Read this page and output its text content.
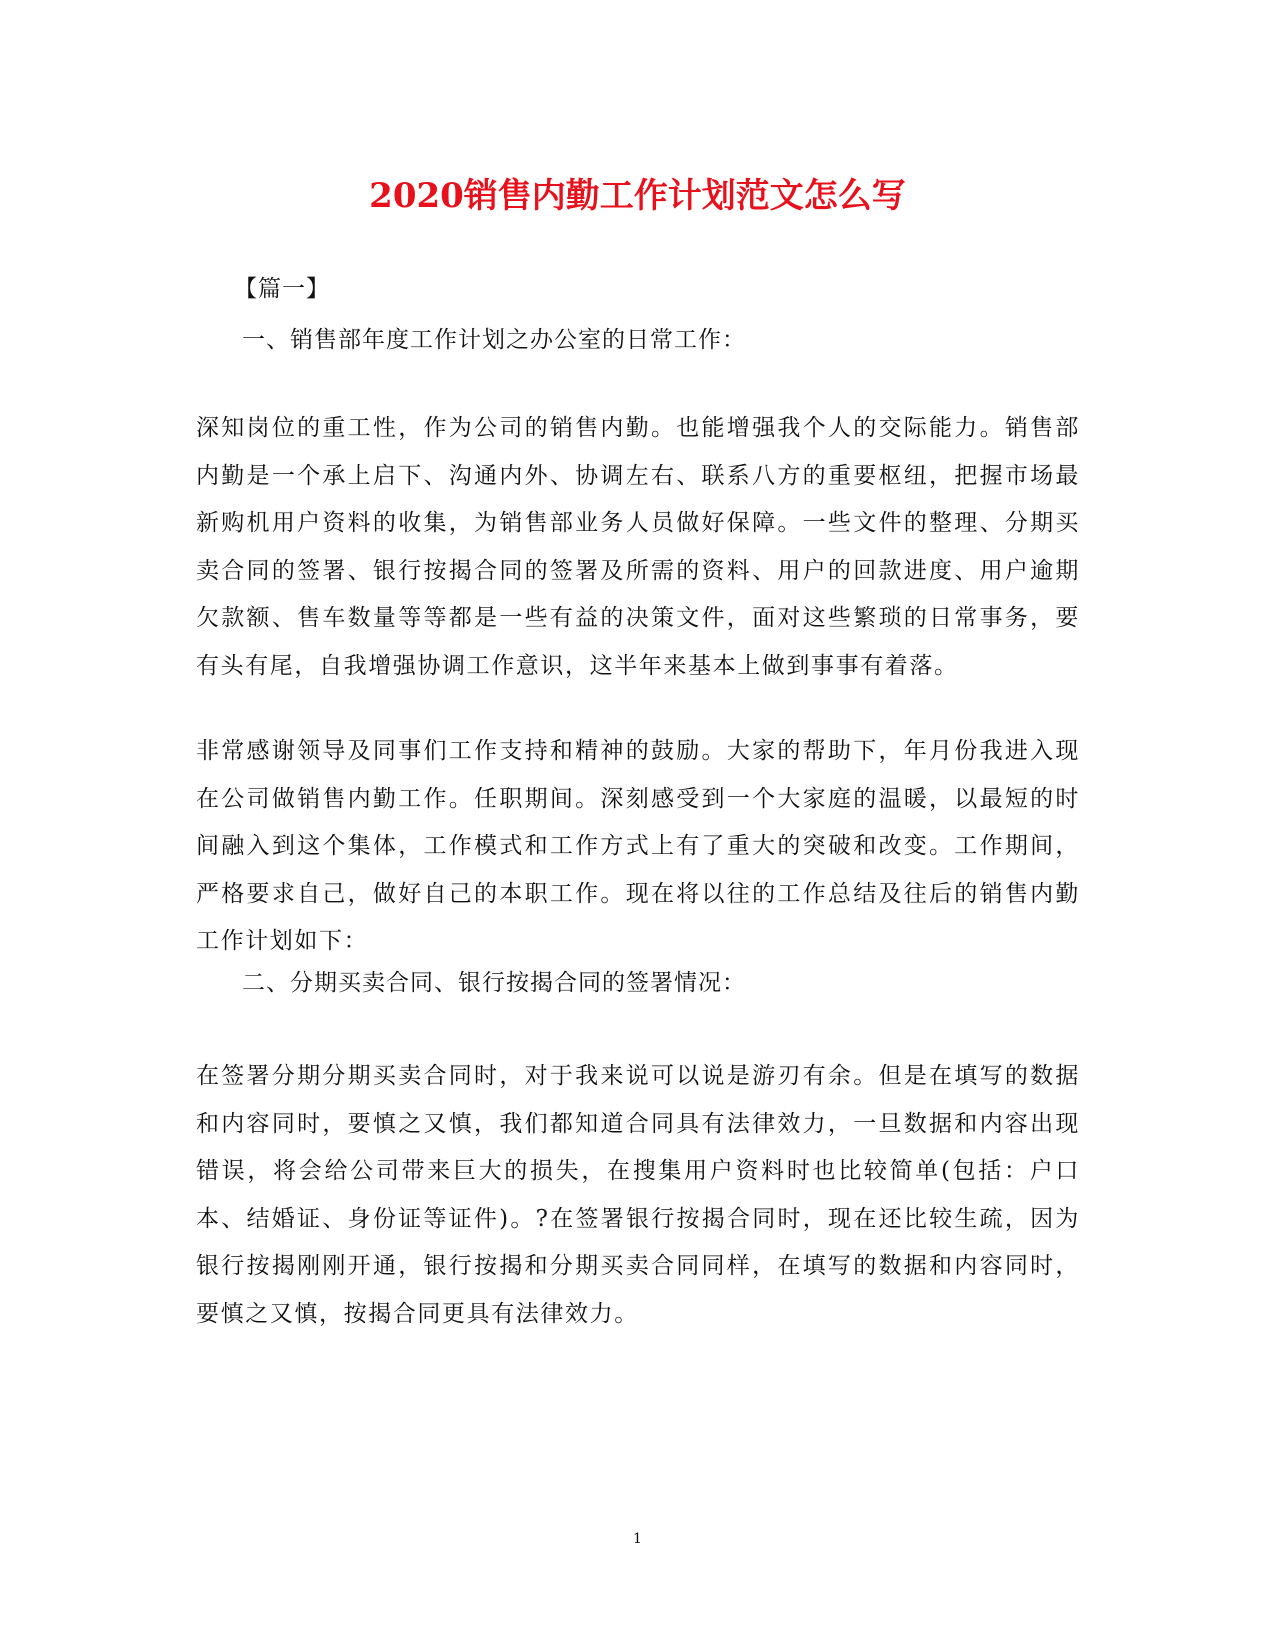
2020销售内勤工作计划范文怎么写
【篇一】
一、销售部年度工作计划之办公室的日常工作：
深知岗位的重工性，作为公司的销售内勤。也能增强我个人的交际能力。销售部内勤是一个承上启下、沟通内外、协调左右、联系八方的重要枢纽，把握市场最新购机用户资料的收集，为销售部业务人员做好保障。一些文件的整理、分期买卖合同的签署、银行按揭合同的签署及所需的资料、用户的回款进度、用户逾期欠款额、售车数量等等都是一些有益的决策文件，面对这些繁琐的日常事务，要有头有尾，自我增强协调工作意识，这半年来基本上做到事事有着落。
非常感谢领导及同事们工作支持和精神的鼓励。大家的帮助下，年月份我进入现在公司做销售内勤工作。任职期间。深刻感受到一个大家庭的温暖，以最短的时间融入到这个集体，工作模式和工作方式上有了重大的突破和改变。工作期间，严格要求自己，做好自己的本职工作。现在将以往的工作总结及往后的销售内勤工作计划如下：
二、分期买卖合同、银行按揭合同的签署情况：
在签署分期分期买卖合同时，对于我来说可以说是游刃有余。但是在填写的数据和内容同时，要慎之又慎，我们都知道合同具有法律效力，一旦数据和内容出现错误，将会给公司带来巨大的损失，在搜集用户资料时也比较简单(包括：户口本、结婚证、身份证等证件)。?在签署银行按揭合同时，现在还比较生疏，因为银行按揭刚刚开通，银行按揭和分期买卖合同同样，在填写的数据和内容同时，要慎之又慎，按揭合同更具有法律效力。
1
